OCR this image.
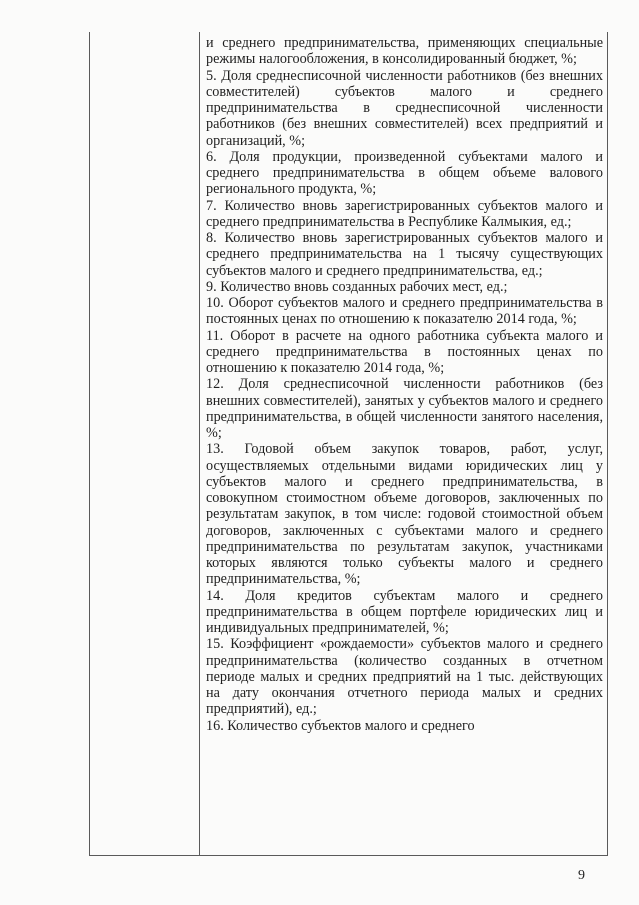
и среднего предпринимательства, применяющих специальные режимы налогообложения, в консолидированный бюджет, %;
5. Доля среднесписочной численности работников (без внешних совместителей) субъектов малого и среднего предпринимательства в среднесписочной численности работников (без внешних совместителей) всех предприятий и организаций, %;
6. Доля продукции, произведенной субъектами малого и среднего предпринимательства в общем объеме валового регионального продукта, %;
7. Количество вновь зарегистрированных субъектов малого и среднего предпринимательства в Республике Калмыкия, ед.;
8. Количество вновь зарегистрированных субъектов малого и среднего предпринимательства на 1 тысячу существующих субъектов малого и среднего предпринимательства, ед.;
9. Количество вновь созданных рабочих мест, ед.;
10. Оборот субъектов малого и среднего предпринимательства в постоянных ценах по отношению к показателю 2014 года, %;
11. Оборот в расчете на одного работника субъекта малого и среднего предпринимательства в постоянных ценах по отношению к показателю 2014 года, %;
12. Доля среднесписочной численности работников (без внешних совместителей), занятых у субъектов малого и среднего предпринимательства, в общей численности занятого населения, %;
13. Годовой объем закупок товаров, работ, услуг, осуществляемых отдельными видами юридических лиц у субъектов малого и среднего предпринимательства, в совокупном стоимостном объеме договоров, заключенных по результатам закупок, в том числе: годовой стоимостной объем договоров, заключенных с субъектами малого и среднего предпринимательства по результатам закупок, участниками которых являются только субъекты малого и среднего предпринимательства, %;
14. Доля кредитов субъектам малого и среднего предпринимательства в общем портфеле юридических лиц и индивидуальных предпринимателей, %;
15. Коэффициент «рождаемости» субъектов малого и среднего предпринимательства (количество созданных в отчетном периоде малых и средних предприятий на 1 тыс. действующих на дату окончания отчетного периода малых и средних предприятий), ед.;
16. Количество субъектов малого и среднего
9
